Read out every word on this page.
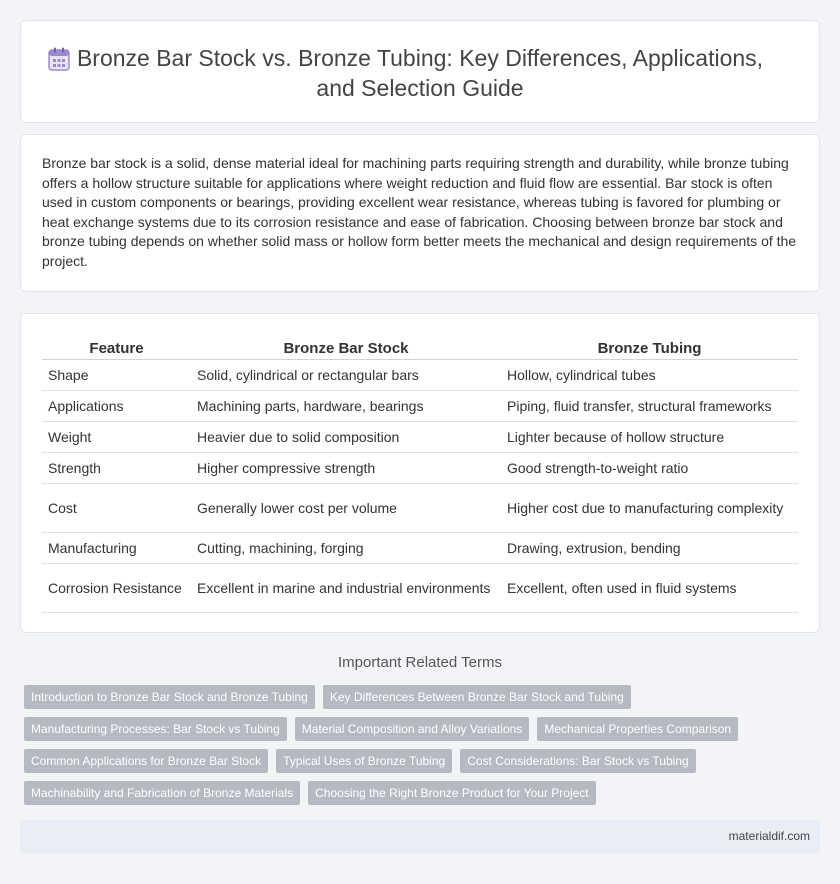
Bronze Bar Stock vs. Bronze Tubing: Key Differences, Applications,
and Selection Guide

Bronze bar stock is a solid, dense material ideal for machining parts requiring strength and durability, while bronze tubing offers a hollow structure suitable for applications where weight reduction and fluid flow are essential. Bar stock is often used in custom components or bearings, providing excellent wear resistance, whereas tubing is favored for plumbing or heat exchange systems due to its corrosion resistance and ease of fabrication. Choosing between bronze bar stock and bronze tubing depends on whether solid mass or hollow form better meets the mechanical and design requirements of the project.

Feature	Bronze Bar Stock	Bronze Tubing
Shape	Solid, cylindrical or rectangular bars	Hollow, cylindrical tubes
Applications	Machining parts, hardware, bearings	Piping, fluid transfer, structural frameworks
Weight	Heavier due to solid composition	Lighter because of hollow structure
Strength	Higher compressive strength	Good strength-to-weight ratio
Cost	Generally lower cost per volume	Higher cost due to manufacturing complexity
Manufacturing	Cutting, machining, forging	Drawing, extrusion, bending
Corrosion Resistance	Excellent in marine and industrial environments	Excellent, often used in fluid systems
Important Related Terms
Introduction to Bronze Bar Stock and Bronze Tubing	Key Differences Between Bronze Bar Stock and Tubing
Manufacturing Processes: Bar Stock vs Tubing	Material Composition and Alloy Variations	Mechanical Properties Comparison
Common Applications for Bronze Bar Stock	Typical Uses of Bronze Tubing	Cost Considerations: Bar Stock vs Tubing
Machinability and Fabrication of Bronze Materials	Choosing the Right Bronze Product for Your Project
materialdif.com
